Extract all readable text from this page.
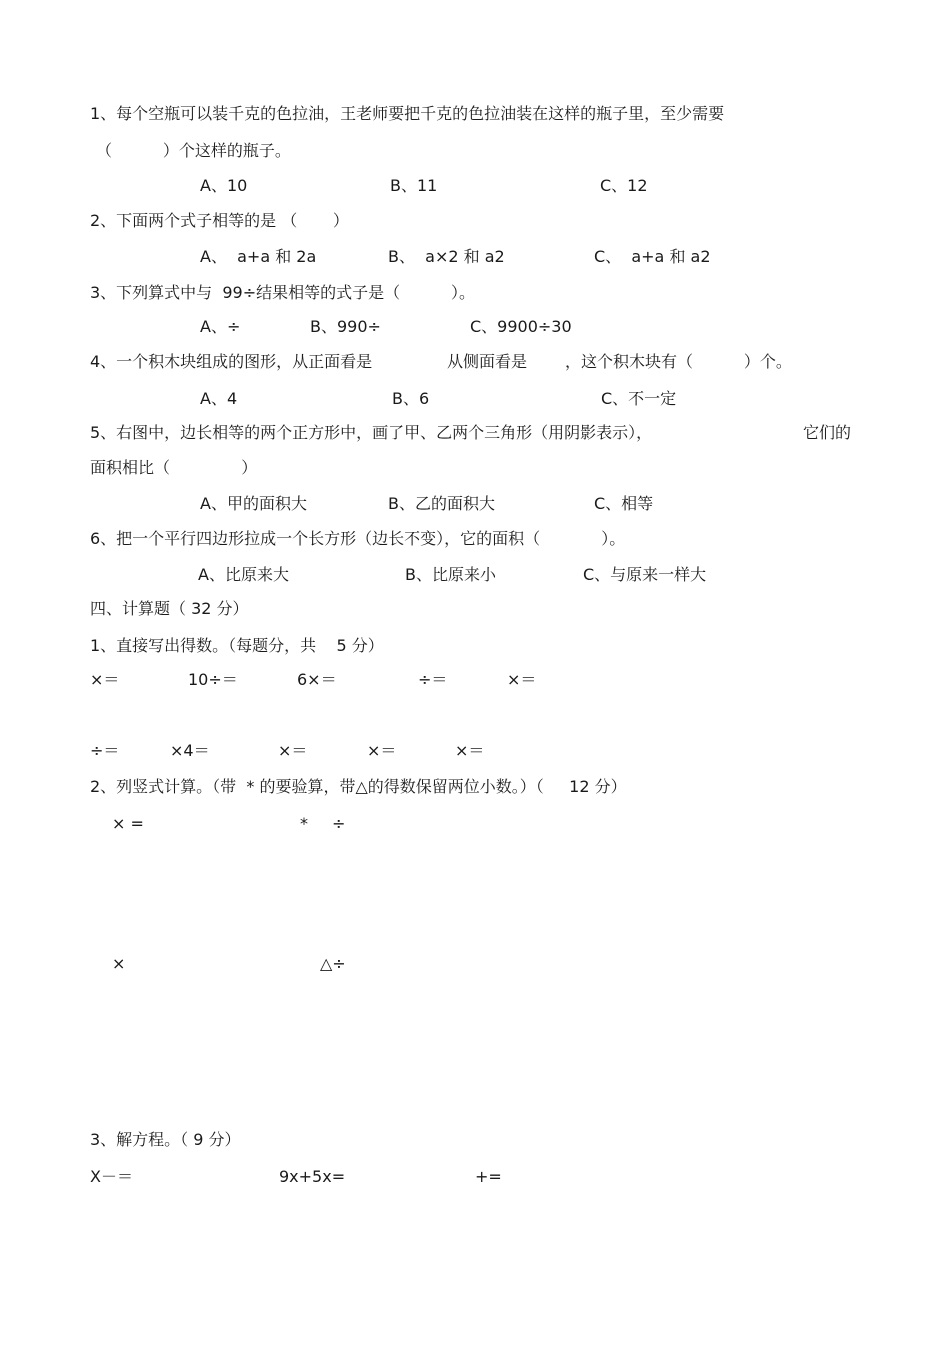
1、每个空瓶可以装千克的色拉油，王老师要把千克的色拉油装在这样的瓶子里，至少需要
（          ）个这样的瓶子。
A、10	B、11	C、12
2、下面两个式子相等的是 （       ）
A、  a+a 和 2a	B、  a×2 和 a2	C、  a+a 和 a2
3、下列算式中与  99÷结果相等的式子是（          ）。
A、÷	B、990÷	C、9900÷30
4、一个积木块组成的图形，从正面看是	从侧面看是 ，这个积木块有（          ）个。
A、4	B、6	C、不一定
5、右图中，边长相等的两个正方形中，画了甲、乙两个三角形（用阴影表示），	它们的
面积相比（              ）
A、甲的面积大	B、乙的面积大	C、相等
6、把一个平行四边形拉成一个长方形（边长不变），它的面积（            ）。
A、比原来大	B、比原来小	C、与原来一样大
四、计算题（ 32 分）
1、直接写出得数。（每题分，共    5 分）
×＝	10÷＝	6×＝	÷＝	×＝
÷＝	×4＝	×＝	×＝	×＝
2、列竖式计算。（带  * 的要验算，带△的得数保留两位小数。）（     12 分）
× =	* ÷
×	△÷
3、解方程。（ 9 分）
X－＝	9x+5x=	+=
